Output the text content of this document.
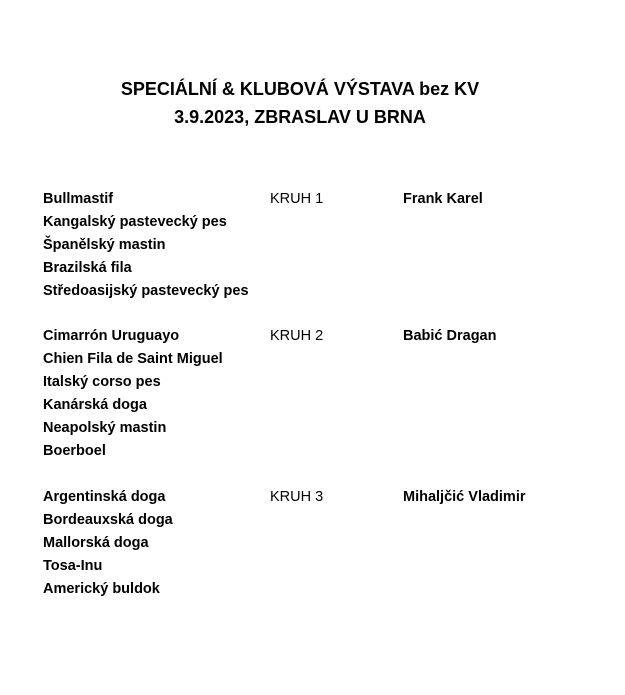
SPECIÁLNÍ & KLUBOVÁ VÝSTAVA bez KV
3.9.2023, ZBRASLAV U BRNA
Bullmastif
Kangalský pastevecký pes
Španělský mastin
Brazilská fila
Středoasijský pastevecký pes
KRUH 1	Frank Karel
Cimarrón Uruguayo
Chien Fila de Saint Miguel
Italský corso pes
Kanárská doga
Neapolský mastin
Boerboel
KRUH 2	Babić Dragan
Argentinská doga
Bordeauxská doga
Mallorská doga
Tosa-Inu
Americký buldok
KRUH 3	Mihaljčić Vladimir
